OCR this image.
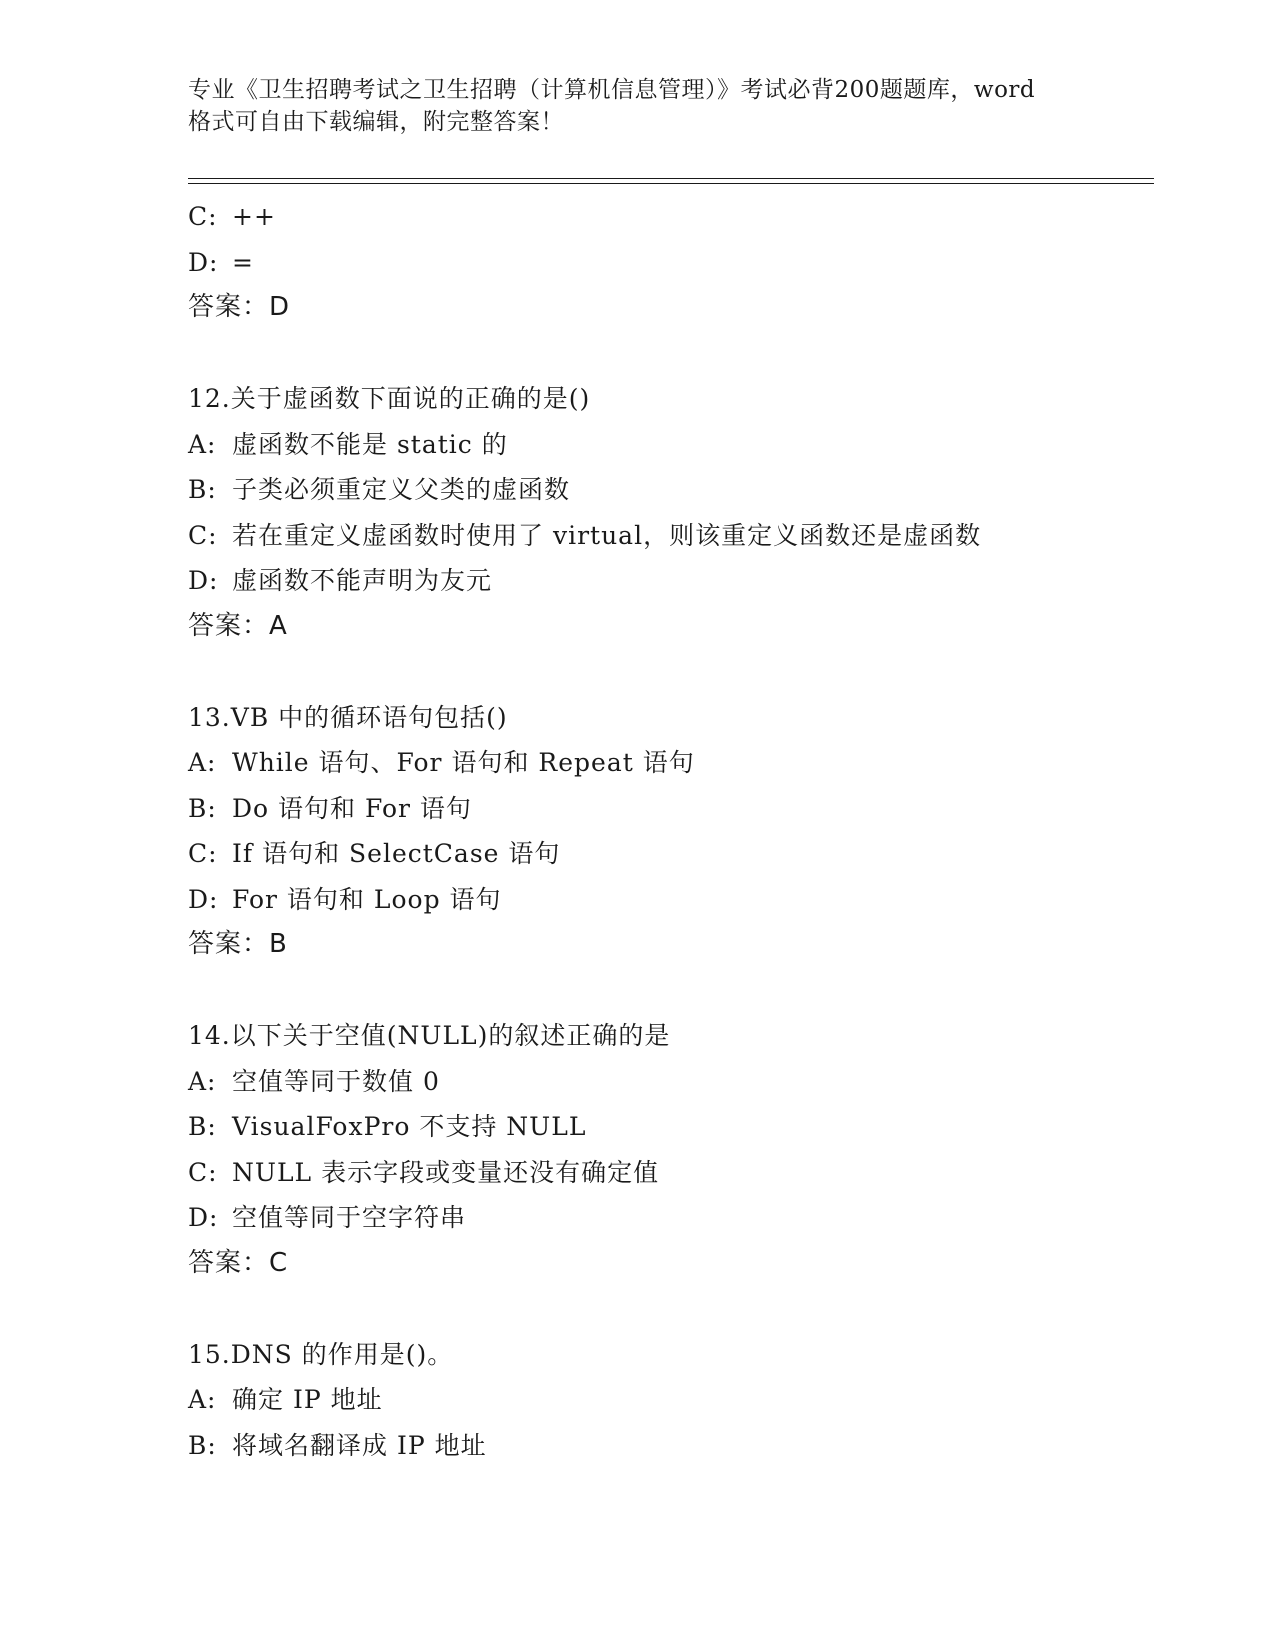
专业《卫生招聘考试之卫生招聘（计算机信息管理）》考试必背200题题库，word
格式可自由下载编辑，附完整答案！
C: ++
D: =
答案：D
12.关于虚函数下面说的正确的是()
A: 虚函数不能是 static 的
B: 子类必须重定义父类的虚函数
C: 若在重定义虚函数时使用了 virtual，则该重定义函数还是虚函数
D: 虚函数不能声明为友元
答案：A
13.VB 中的循环语句包括()
A: While 语句、For 语句和 Repeat 语句
B: Do 语句和 For 语句
C: If 语句和 SelectCase 语句
D: For 语句和 Loop 语句
答案：B
14.以下关于空值(NULL)的叙述正确的是
A: 空值等同于数值 0
B: VisualFoxPro 不支持 NULL
C: NULL 表示字段或变量还没有确定值
D: 空值等同于空字符串
答案：C
15.DNS 的作用是()。
A: 确定 IP 地址
B: 将域名翻译成 IP 地址
